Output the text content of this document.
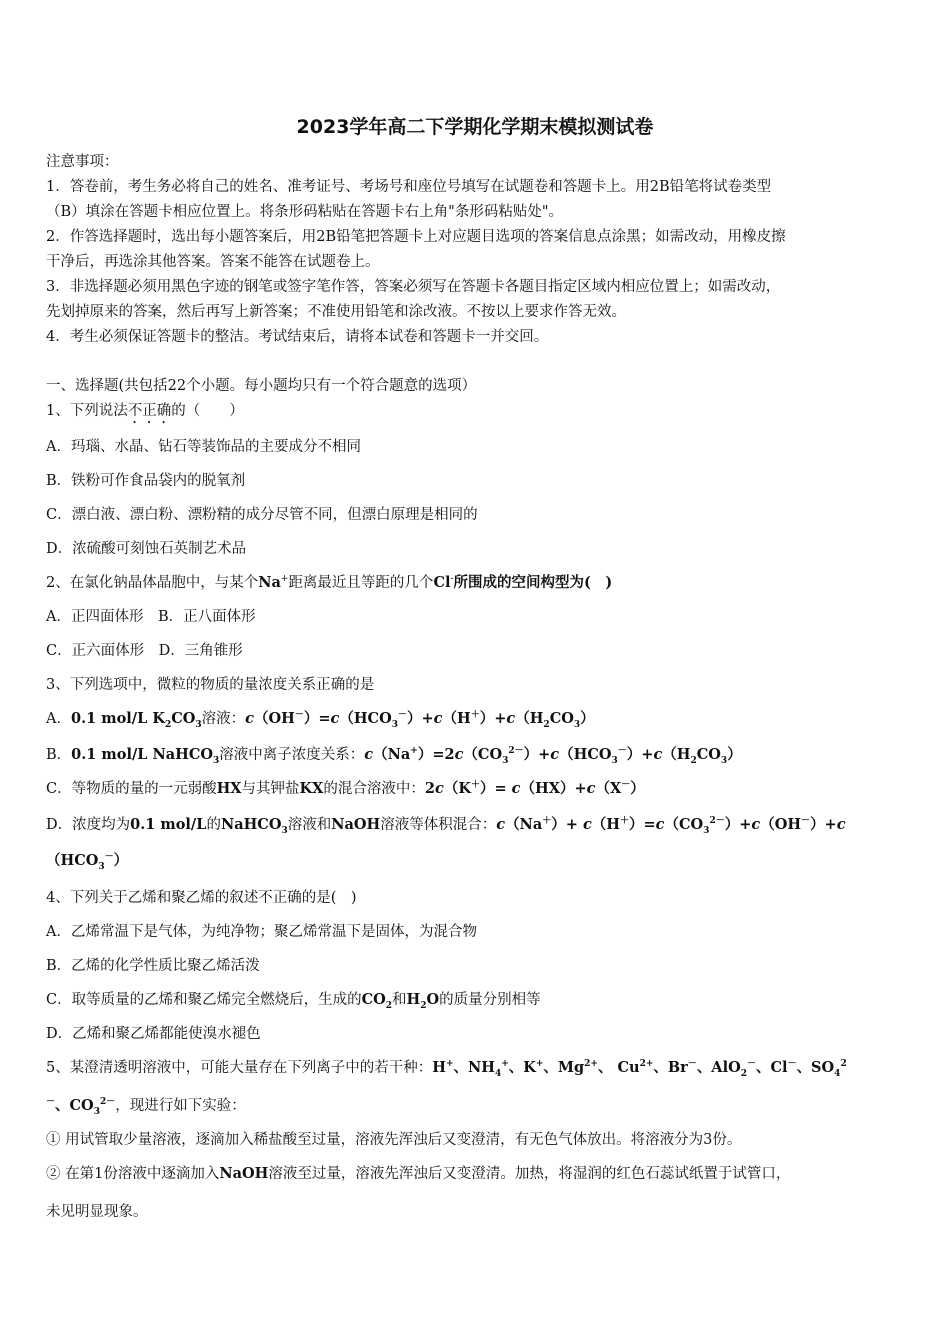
2023学年高二下学期化学期末模拟测试卷
注意事项：
1．答卷前，考生务必将自己的姓名、准考证号、考场号和座位号填写在试题卷和答题卡上。用2B铅笔将试卷类型
（B）填涂在答题卡相应位置上。将条形码粘贴在答题卡右上角"条形码粘贴处"。
2．作答选择题时，选出每小题答案后，用2B铅笔把答题卡上对应题目选项的答案信息点涂黑；如需改动，用橡皮擦
干净后，再选涂其他答案。答案不能答在试题卷上。
3．非选择题必须用黑色字迹的钢笔或签字笔作答，答案必须写在答题卡各题目指定区域内相应位置上；如需改动，
先划掉原来的答案，然后再写上新答案；不准使用铅笔和涂改液。不按以上要求作答无效。
4．考生必须保证答题卡的整洁。考试结束后，请将本试卷和答题卡一并交回。
一、选择题(共包括22个小题。每小题均只有一个符合题意的选项）
1、下列说法不正确的（　　）
A．玛瑙、水晶、钻石等装饰品的主要成分不相同
B．铁粉可作食品袋内的脱氧剂
C．漂白液、漂白粉、漂粉精的成分尽管不同，但漂白原理是相同的
D．浓硫酸可刻蚀石英制艺术品
2、在氯化钠晶体晶胞中，与某个Na+距离最近且等距的几个Cl-所围成的空间构型为(　)
A．正四面体形　B．正八面体形
C．正六面体形　D．三角锥形
3、下列选项中，微粒的物质的量浓度关系正确的是
A．0.1 mol/L $K_2CO_3$溶液：$c(OH^-)=c(HCO_3^-)+c(H^+)+c(H_2CO_3)$
B．0.1 mol/L NaHCO$_3$溶液中离子浓度关系：$c(Na^+)=2c(CO_3^{2-})+c(HCO_3^-)+c(H_2CO_3)$
C．等物质的量的一元弱酸HX与其钾盐KX的混合溶液中：2c（K＋）= c（HX）+c（X－）
D．浓度均为0.1 mol/L的NaHCO$_3$溶液和NaOH溶液等体积混合：$c(Na^+)+ c(H^+)=c(CO_3^{2-})+c(OH^-)+c$
$(HCO_3^-)$
4、下列关于乙烯和聚乙烯的叙述不正确的是(　)
A．乙烯常温下是气体，为纯净物；聚乙烯常温下是固体，为混合物
B．乙烯的化学性质比聚乙烯活泼
C．取等质量的乙烯和聚乙烯完全燃烧后，生成的$CO_2$和$H_2O$的质量分别相等
D．乙烯和聚乙烯都能使溴水褪色
5、某澄清透明溶液中，可能大量存在下列离子中的若干种：H+、$NH_4^+$、K+、$Mg^{2+}$、 $Cu^{2+}$、Br－、AlO$_2$－、Cl－、$SO_4^2$
－、$CO_3^{2-}$，现进行如下实验：
① 用试管取少量溶液，逐滴加入稀盐酸至过量，溶液先浑浊后又变澄清，有无色气体放出。将溶液分为3份。
② 在第1份溶液中逐滴加入NaOH溶液至过量，溶液先浑浊后又变澄清。加热，将湿润的红色石蕊试纸置于试管口，
未见明显现象。
